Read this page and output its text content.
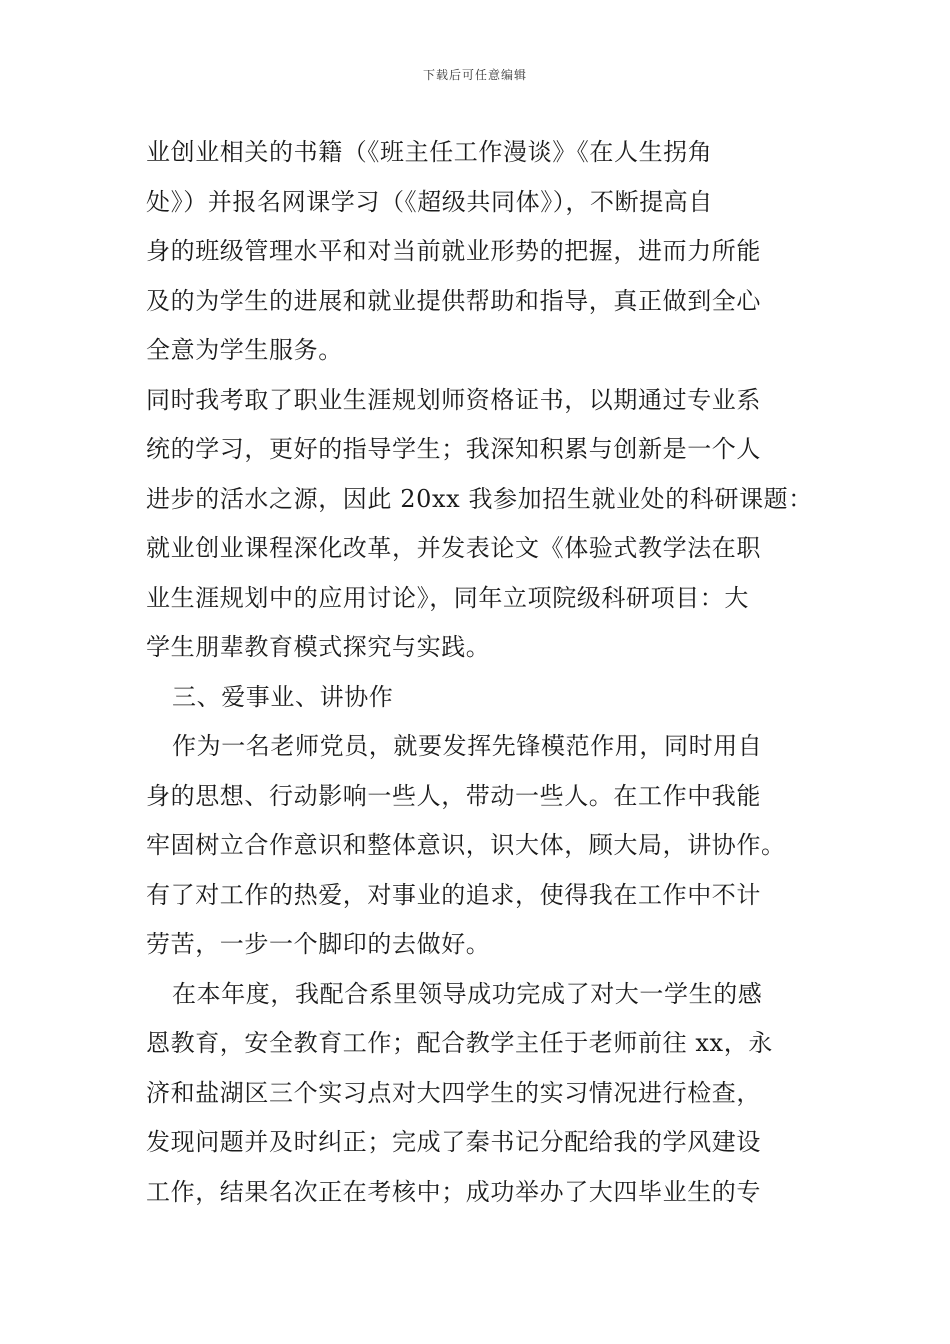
下载后可任意编辑
业创业相关的书籍（《班主任工作漫谈》《在人生拐角
处》）并报名网课学习（《超级共同体》），不断提高自
身的班级管理水平和对当前就业形势的把握，进而力所能
及的为学生的进展和就业提供帮助和指导，真正做到全心
全意为学生服务。
同时我考取了职业生涯规划师资格证书，以期通过专业系
统的学习，更好的指导学生；我深知积累与创新是一个人
进步的活水之源，因此 20xx 我参加招生就业处的科研课题：
就业创业课程深化改革，并发表论文《体验式教学法在职
业生涯规划中的应用讨论》，同年立项院级科研项目：大
学生朋辈教育模式探究与实践。
三、爱事业、讲协作
作为一名老师党员，就要发挥先锋模范作用，同时用自
身的思想、行动影响一些人，带动一些人。在工作中我能
牢固树立合作意识和整体意识，识大体，顾大局，讲协作。
有了对工作的热爱，对事业的追求，使得我在工作中不计
劳苦，一步一个脚印的去做好。
在本年度，我配合系里领导成功完成了对大一学生的感
恩教育，安全教育工作；配合教学主任于老师前往 xx，永
济和盐湖区三个实习点对大四学生的实习情况进行检查，
发现问题并及时纠正；完成了秦书记分配给我的学风建设
工作，结果名次正在考核中；成功举办了大四毕业生的专
